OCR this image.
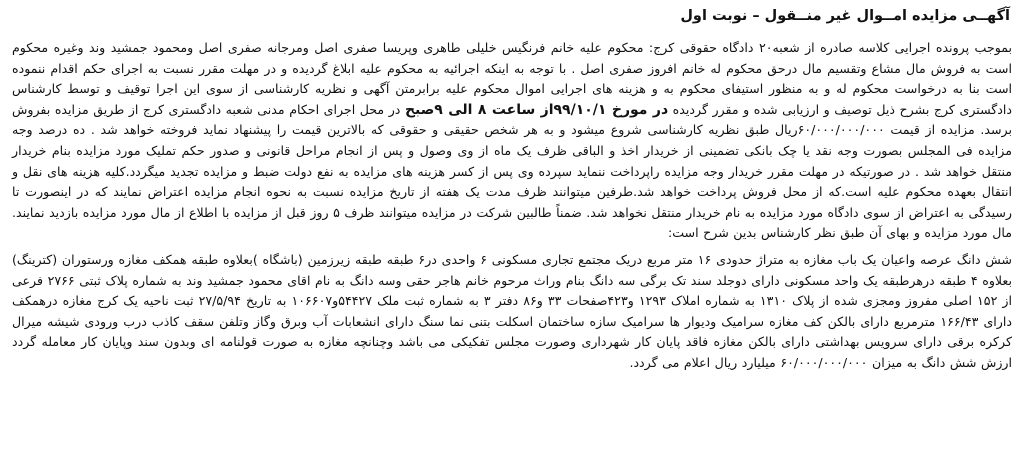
آگهــی مزایده امــوال غیر منــقول – نوبت اول

بموجب پرونده اجرایی کلاسه صادره از شعبه۲۰ دادگاه حقوقی کرج: محکوم علیه خانم فرنگیس خلیلی طاهری وپریسا صفری اصل ومرجانه صفری اصل ومحمود جمشید وند وغیره محکوم است به فروش مال مشاع وتقسیم مال درحق محکوم له خانم افروز صفری اصل . با توجه به اینکه اجرائیه به محکوم علیه ابلاغ گردیده و در مهلت مقرر نسبت به اجرای حکم اقدام ننموده است بنا به درخواست محکوم له و به منظور استیفای محکوم به و هزینه های اجرایی اموال محکوم علیه برابرمتن آگهی و نظریه کارشناسی از سوی این اجرا توقیف و توسط کارشناس دادگستری کرج بشرح ذیل توصیف و ارزیابی شده و مقرر گردیده در مورخ ۹۹/۱۰/۱از ساعت ۸ الی ۹صبح در محل اجرای احکام مدنی شعبه دادگستری کرج از طریق مزایده بفروش برسد. مزایده از قیمت ۶۰/۰۰۰/۰۰۰/۰۰۰ریال طبق نظریه کارشناسی شروع میشود و به هر شخص حقیقی و حقوقی که بالاترین قیمت را پیشنهاد نماید فروخته خواهد شد . ده درصد وجه مزایده فی المجلس بصورت وجه نقد یا چک بانکی تضمینی از خریدار اخذ و الباقی ظرف یک ماه از وی وصول و پس از انجام مراحل قانونی و صدور حکم تملیک مورد مزایده بنام خریدار منتقل خواهد شد . در صورتیکه در مهلت مقرر خریدار وجه مزایده راپرداخت ننماید سپرده وی پس از کسر هزینه های مزایده به نفع دولت ضبط و مزایده تجدید میگردد.کلیه هزینه های نقل و انتقال بعهده محکوم علیه است.که از محل فروش پرداخت خواهد شد.طرفین میتوانند ظرف مدت یک هفته از تاریخ مزایده نسبت به نحوه انجام مزایده اعتراض نمایند که در اینصورت تا رسیدگی به اعتراض از سوی دادگاه مورد مزایده به نام خریدار منتقل نخواهد شد. ضمناً طالبین شرکت در مزایده میتوانند ظرف ۵ روز قبل از مزایده با اطلاع از مال مورد مزایده بازدید نمایند. مال مورد مزایده و بهای آن طبق نظر کارشناس بدین شرح است:

شش دانگ عرصه واعیان یک باب مغازه به متراژ حدودی ۱۶ متر مربع دریک مجتمع تجاری مسکونی ۶ واحدی در۶ طبقه طبقه زیرزمین (باشگاه )بعلاوه طبقه همکف مغازه ورستوران (کترینگ) بعلاوه ۴ طبقه درهرطبقه یک واحد مسکونی دارای دوجلد سند تک برگی سه دانگ بنام وراث مرحوم خانم هاجر حقی وسه دانگ به نام اقای محمود جمشید وند به شماره پلاک ثبتی ۲۷۶۶ فرعی از ۱۵۲ اصلی مفروز ومجزی شده از پلاک ۱۳۱۰ به شماره املاک ۱۲۹۳ و۴۲۳صفحات ۳۳ و۸۶ دفتر ۳ به شماره ثبت ملک ۵۴۴۲۷و۱۰۶۶۰۷ به تاریخ ۲۷/۵/۹۴ ثبت ناحیه یک کرج مغازه درهمکف دارای ۱۶۶/۴۳ مترمربع دارای بالکن کف مغازه سرامیک ودیوار ها سرامیک سازه ساختمان اسکلت بتنی نما سنگ دارای انشعابات آب وبرق وگاز وتلفن سقف کاذب درب ورودی شیشه میرال کرکره برقی دارای سرویس بهداشتی دارای بالکن مغازه فاقد پایان کار شهرداری وصورت مجلس تفکیکی می باشد وچنانچه مغازه به صورت قولنامه ای وبدون سند وپایان کار معامله گردد ارزش شش دانگ به میزان ۶۰/۰۰۰/۰۰۰/۰۰۰ میلیارد ریال اعلام می گردد.
